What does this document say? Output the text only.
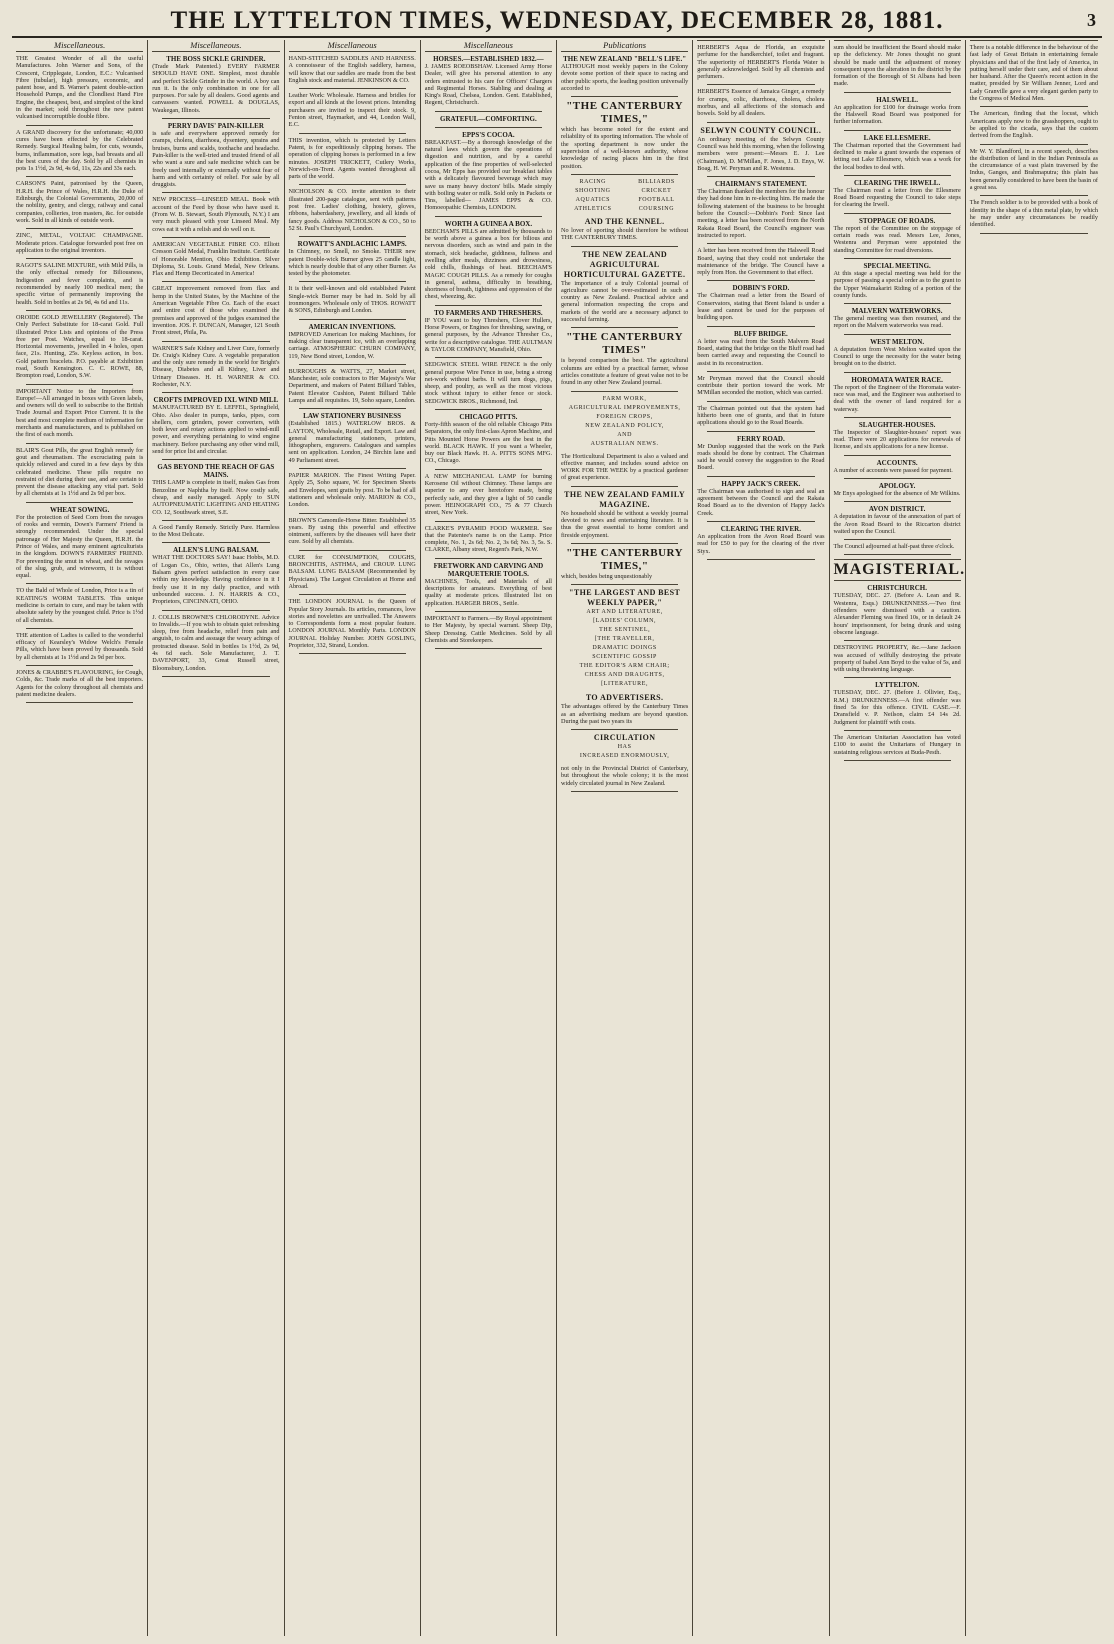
THE LYTTELTON TIMES, WEDNESDAY, DECEMBER 28, 1881.	3
Miscellaneous.
THE Greatest Wonder of all the useful Manufactures. John Warner and Sons, of the Crescent, Cripplegate, London, E.C.: Vulcanised Fibre (tubular), high pressure, economic, and patent hose, and B. Warner's patent double-action Household Pumps, and the Clondliest Hand Fire Engine, the cheapest, best, and simplest of the kind in the market; sold throughout the new patent vulcanised incorruptible double fibre.
A GRAND discovery for the unfortunate; 40,000 cures have been effected by the Celebrated Remedy. Surgical Healing balm, for cuts, wounds, burns, inflammation, sore legs, bad breasts and all the best cures of the day. Sold by all chemists in pots 1s 1½d, 2s 9d, 4s 6d, 11s, 22s and 33s each.
CARSON'S Paint, patronised by the Queen, H.R.H. the Prince of Wales, H.R.H. the Duke of Edinburgh, the Colonial Governments, 20,000 of the nobility, gentry, and clergy, railway and canal companies, collieries, iron masters, &c. for outside work. Sold in all kinds of outside work.
ZINC, METAL, VOLTAIC CHAMPAGNE. Moderate prices. Catalogue forwarded post free on application to the original inventors.
RAGOT'S SALINE MIXTURE, with Mild Pills, is the only effectual remedy for Biliousness, Indigestion and fever complaints, and is recommended by nearly 100 medical men; the specific virtue of permanently improving the health. Sold in bottles at 2s 9d, 4s 6d and 11s.
OROIDE GOLD JEWELLERY (Registered). The Only Perfect Substitute for 18-carat Gold. Full illustrated Price Lists and opinions of the Press free per Post. Watches, equal to 18-carat. Horizontal movements, jewelled in 4 holes, open face, 21s. Hunting, 25s. Keyless action, in box. Gold pattern bracelets. P.O. payable at Exhibition road, South Kensington. C. C. ROWE, 88, Brompton road, London, S.W.
IMPORTANT Notice to the Importers from Europe!—All arranged in boxes with Green labels, and owners will do well to subscribe to the British Trade Journal and Export Price Current. It is the best and most complete medium of information for merchants and manufacturers, and is published on the first of each month.
BLAIR'S Gout Pills, the great English remedy for gout and rheumatism. The excruciating pain is quickly relieved and cured in a few days by this celebrated medicine. These pills require no restraint of diet during their use, and are certain to prevent the disease attacking any vital part. Sold by all chemists at 1s 1½d and 2s 9d per box.
WHEAT SOWING.
For the protection of Seed Corn from the ravages of rooks and vermin, Down's Farmers' Friend is strongly recommended. Under the special patronage of Her Majesty the Queen, H.R.H. the Prince of Wales, and many eminent agriculturists in the kingdom. DOWN'S FARMERS' FRIEND. For preventing the smut in wheat, and the ravages of the slug, grub, and wireworm, it is without equal.
TO the Bald of Whole of London, Price is a tin of KEATING'S WORM TABLETS. This unique medicine is certain to cure, and may be taken with absolute safety by the youngest child. Price is 1½d of all chemists.
THE attention of Ladies is called to the wonderful efficacy of Kearsley's Widow Welch's Female Pills, which have been proved by thousands. Sold by all chemists at 1s 1½d and 2s 9d per box.
JONES & CRABBE'S FLAVOURING, for Cough, Colds, &c. Trade marks of all the best importers. Agents for the colony throughout all chemists and patent medicine dealers.
Miscellaneous.
THE BOSS SICKLE GRINDER.
(Trade Mark Patented.) EVERY FARMER SHOULD HAVE ONE. Simplest, most durable and perfect Sickle Grinder in the world. A boy can run it. Is the only combination in one for all purposes. For sale by all dealers. Good agents and canvassers wanted. POWELL & DOUGLAS, Waukegan, Illinois.
PERRY DAVIS' PAIN-KILLER
is safe and everywhere approved remedy for cramps, cholera, diarrhoea, dysentery, sprains and bruises, burns and scalds, toothache and headache. Pain-killer is the well-tried and trusted friend of all who want a sure and safe medicine which can be freely used internally or externally without fear of harm and with certainty of relief. For sale by all druggists.
NEW PROCESS—LINSEED MEAL. Book with account of the Feed by those who have used it. (From W. B. Stewart, South Plymouth, N.Y.) I am very much pleased with your Linseed Meal. My cows eat it with a relish and do well on it.
AMERICAN VEGETABLE FIBRE CO. Elliott Cresson Gold Medal, Franklin Institute. Certificate of Honorable Mention, Ohio Exhibition. Silver Diploma, St. Louis. Grand Medal, New Orleans. Flax and Hemp Decorticated in America!
GREAT improvement removed from flax and hemp in the United States, by the Machine of the American Vegetable Fibre Co. Each of the exact and entire cost of those who examined the premises and approved of the judges examined the invention. JOS. F. DUNCAN, Manager, 121 South Front street, Phila, Pa.
WARNER'S Safe Kidney and Liver Cure, formerly Dr. Craig's Kidney Cure. A vegetable preparation and the only sure remedy in the world for Bright's Disease, Diabetes and all Kidney, Liver and Urinary Diseases. H. H. WARNER & CO. Rochester, N.Y.
CROFTS IMPROVED IXL WIND MILL
MANUFACTURED BY E. LEFFEL, Springfield, Ohio. Also dealer in pumps, tanks, pipes, corn shellers, corn grinders, power converters, with both lever and rotary actions applied to wind-mill power, and everything pertaining to wind engine machinery. Before purchasing any other wind mill, send for price list and circular.
GAS BEYOND THE REACH OF GAS MAINS.
THIS LAMP is complete in itself, makes Gas from Benzoline or Naphtha by itself. Now costly safe, cheap, and easily managed. Apply to SUN AUTOPNEUMATIC LIGHTING AND HEATING CO. 12, Southwark street, S.E.
A Good Family Remedy. Strictly Pure. Harmless to the Most Delicate.
ALLEN'S LUNG BALSAM.
WHAT THE DOCTORS SAY! Isaac Hobbs, M.D. of Logan Co., Ohio, writes, that Allen's Lung Balsam gives perfect satisfaction in every case within my knowledge. Having confidence in it I freely use it in my daily practice, and with unbounded success. J. N. HARRIS & CO., Proprietors, CINCINNATI, OHIO.
J. COLLIS BROWNE'S CHLORODYNE. Advice to Invalids.—If you wish to obtain quiet refreshing sleep, free from headache, relief from pain and anguish, to calm and assuage the weary achings of protracted disease. Sold in bottles 1s 1½d, 2s 9d, 4s 6d each. Sole Manufacturer, J. T. DAVENPORT, 33, Great Russell street, Bloomsbury, London.
Miscellaneous
HAND-STITCHED SADDLES AND HARNESS. A connoisseur of the English saddlery, harness, will know that our saddles are made from the best English stock and material. JENKINSON & CO.
Leather Work: Wholesale. Harness and bridles for export and all kinds at the lowest prices. Intending purchasers are invited to inspect their stock. 9, Fenton street, Haymarket, and 44, London Wall, E.C.
THIS invention, which is protected by Letters Patent, is for expeditiously clipping horses. The operation of clipping horses is performed in a few minutes. JOSEPH TRICKETT, Cutlery Works, Norwich-on-Trent. Agents wanted throughout all parts of the world.
NICHOLSON & CO. invite attention to their illustrated 200-page catalogue, sent with patterns post free. Ladies' clothing, hosiery, gloves, ribbons, haberdashery, jewellery, and all kinds of fancy goods. Address NICHOLSON & CO., 50 to 52 St. Paul's Churchyard, London.
ROWATT'S ANDLACHIC LAMPS.
In Chimney, no Smell, no Smoke. THEIR new patent Double-wick Burner gives 25 candle light, which is nearly double that of any other Burner. As tested by the photometer.
It is their well-known and old established Patent Single-wick Burner may be had in. Sold by all ironmongers. Wholesale only of THOS. ROWATT & SONS, Edinburgh and London.
AMERICAN INVENTIONS.
IMPROVED American Ice making Machines, for making clear transparent ice, with an overlapping carriage. ATMOSPHERIC CHURN COMPANY, 119, New Bond street, London, W.
BURROUGHS & WATTS, 27, Market street, Manchester, sole contractors to Her Majesty's War Department, and makers of Patent Billiard Tables, Patent Elevator Cushion, Patent Billiard Table Lamps and all requisites. 19, Soho square, London.
LAW STATIONERY BUSINESS
(Established 1815.) WATERLOW BROS. & LAYTON, Wholesale, Retail, and Export. Law and general manufacturing stationers, printers, lithographers, engravers. Catalogues and samples sent on application. London, 24 Birchin lane and 49 Parliament street.
PAPIER MARION. The Finest Writing Paper. Apply 25, Soho square, W. for Specimen Sheets and Envelopes, sent gratis by post. To be had of all stationers and wholesale only. MARION & CO., London.
BROWN'S Camomile-Horse Bitter. Established 35 years. By using this powerful and effective ointment, sufferers by the diseases will have their cure. Sold by all chemists.
CURE for CONSUMPTION, COUGHS, BRONCHITIS, ASTHMA, and CROUP. LUNG BALSAM. LUNG BALSAM (Recommended by Physicians). The Largest Circulation at Home and Abroad.
THE LONDON JOURNAL is the Queen of Popular Story Journals. Its articles, romances, love stories and novelettes are unrivalled. The Answers to Correspondents form a most popular feature. LONDON JOURNAL Monthly Parts. LONDON JOURNAL Holiday Number. JOHN GOSLING, Proprietor, 332, Strand, London.
Miscellaneous
HORSES.—ESTABLISHED 1832.—
J. JAMES ROEOBSHAW. Licensed Army Horse Dealer, will give his personal attention to any orders entrusted to his care for Officers' Chargers and Regimental Horses. Stabling and dealing at King's Road, Chelsea, London. Gent. Established, Regent, Christchurch.
GRATEFUL—COMFORTING.
EPPS'S COCOA.
BREAKFAST.—By a thorough knowledge of the natural laws which govern the operations of digestion and nutrition, and by a careful application of the fine properties of well-selected cocoa, Mr Epps has provided our breakfast tables with a delicately flavoured beverage which may save us many heavy doctors' bills. Made simply with boiling water or milk. Sold only in Packets or Tins, labelled— JAMES EPPS & CO. Homoeopathic Chemists, LONDON.
WORTH A GUINEA A BOX.
BEECHAM'S PILLS are admitted by thousands to be worth above a guinea a box for bilious and nervous disorders, such as wind and pain in the stomach, sick headache, giddiness, fullness and swelling after meals, dizziness and drowsiness, cold chills, flushings of heat. BEECHAM'S MAGIC COUGH PILLS. As a remedy for coughs in general, asthma, difficulty in breathing, shortness of breath, tightness and oppression of the chest, wheezing, &c.
TO FARMERS AND THRESHERS.
IF YOU want to buy Threshers, Clover Hullers, Horse Powers, or Engines for threshing, sawing, or general purposes, by the Advance Thresher Co., write for a descriptive catalogue. THE AULTMAN & TAYLOR COMPANY, Mansfield, Ohio.
SEDGWICK STEEL WIRE FENCE is the only general purpose Wire Fence in use, being a strong net-work without barbs. It will turn dogs, pigs, sheep, and poultry, as well as the most vicious stock without injury to either fence or stock. SEDGWICK BROS., Richmond, Ind.
CHICAGO PITTS.
Forty-fifth season of the old reliable Chicago Pitts Separators, the only first-class Apron Machine, and Pitts Mounted Horse Powers are the best in the world. BLACK HAWK. If you want a Wheeler, buy our Black Hawk. H. A. PITTS SONS MFG. CO., Chicago.
A NEW MECHANICAL LAMP for burning Kerosene Oil without Chimney. These lamps are superior to any ever heretofore made, being perfectly safe, and they give a light of 50 candle power. HEINOGRAPH CO., 75 & 77 Church street, New York.
CLARKE'S PYRAMID FOOD WARMER. See that the Patentee's name is on the Lamp. Price complete, No. 1, 2s 6d; No. 2, 3s 6d; No. 3, 5s. S. CLARKE, Albany street, Regent's Park, N.W.
FRETWORK AND CARVING AND MARQUETERIE TOOLS.
MACHINES, Tools, and Materials of all descriptions for amateurs. Everything of best quality at moderate prices. Illustrated list on application. HARGER BROS., Settle.
IMPORTANT to Farmers.—By Royal appointment to Her Majesty, by special warrant. Sheep Dip, Sheep Dressing. Cattle Medicines. Sold by all Chemists and Storekeepers.
Publications
THE NEW ZEALAND "BELL'S LIFE."
ALTHOUGH most weekly papers in the Colony devote some portion of their space to racing and other public sports, the leading position universally accorded to
"THE CANTERBURY TIMES,"
which has become noted for the extent and reliability of its sporting information. The whole of the sporting department is now under the supervision of a well-known authority, whose knowledge of racing places him in the first position.
RACING
SHOOTING
AQUATICS
ATHLETICS
BILLIARDS
CRICKET
FOOTBALL
COURSING
AND THE KENNEL.
No lover of sporting should therefore be without THE CANTERBURY TIMES.
THE NEW ZEALAND AGRICULTURAL
HORTICULTURAL GAZETTE.
The importance of a truly Colonial journal of agriculture cannot be over-estimated in such a country as New Zealand. Practical advice and general information respecting the crops and markets of the world are a necessary adjunct to successful farming.
"THE CANTERBURY TIMES"
is beyond comparison the best. The agricultural columns are edited by a practical farmer, whose articles constitute a feature of great value not to be found in any other New Zealand journal.
FARM WORK,
AGRICULTURAL IMPROVEMENTS,
FOREIGN CROPS,
NEW ZEALAND POLICY,
AND
AUSTRALIAN NEWS.
The Horticultural Department is also a valued and effective manner, and includes sound advice on WORK FOR THE WEEK by a practical gardener of great experience.
THE NEW ZEALAND FAMILY
MAGAZINE.
No household should be without a weekly journal devoted to news and entertaining literature. It is thus the great essential to home comfort and fireside enjoyment.
"THE CANTERBURY TIMES,"
which, besides being unquestionably
"THE LARGEST AND BEST WEEKLY PAPER,"
ART AND LITERATURE,
[LADIES' COLUMN,
THE SENTINEL,
[THE TRAVELLER,
DRAMATIC DOINGS
SCIENTIFIC GOSSIP
THE EDITOR'S ARM CHAIR;
CHESS AND DRAUGHTS,
[LITERATURE,
TO ADVERTISERS.
The advantages offered by the Canterbury Times as an advertising medium are beyond question. During the past two years its
CIRCULATION
HAS
INCREASED ENORMOUSLY,
not only in the Provincial District of Canterbury, but throughout the whole colony; it is the most widely circulated journal in New Zealand.
HERBERT'S Aqua de Florida, an exquisite perfume for the handkerchief, toilet and fragrant. The superiority of HERBERT'S Florida Water is generally acknowledged. Sold by all chemists and perfumers.
HERBERT'S Essence of Jamaica Ginger, a remedy for cramps, colic, diarrhoea, cholera, cholera morbus, and all affections of the stomach and bowels. Sold by all dealers.
SELWYN COUNTY COUNCIL.
An ordinary meeting of the Selwyn County Council was held this morning, when the following members were present:—Messrs E. J. Lee (Chairman), D. M'Millan, F. Jones, J. D. Enys, W. Boag, H. W. Peryman and R. Westenra.
CHAIRMAN'S STATEMENT.
The Chairman thanked the members for the honour they had done him in re-electing him. He made the following statement of the business to be brought before the Council:—Dobbin's Ford: Since last meeting, a letter has been received from the North Rakaia Road Board, the Council's engineer was instructed to report.
A letter has been received from the Halswell Road Board, saying that they could not undertake the maintenance of the bridge. The Council have a reply from Hon. the Government to that effect.
DOBBIN'S FORD.
The Chairman read a letter from the Board of Conservators, stating that Brent Island is under a lease and cannot be used for the purposes of building upon.
BLUFF BRIDGE.
A letter was read from the South Malvern Road Board, stating that the bridge on the Bluff road had been carried away and requesting the Council to assist in its reconstruction.
Mr Peryman moved that the Council should contribute their portion toward the work. Mr M'Millan seconded the motion, which was carried.
The Chairman pointed out that the system had hitherto been one of grants, and that in future applications should go to the Road Boards.
FERRY ROAD.
Mr Dunlop suggested that the work on the Park roads should be done by contract. The Chairman said he would convey the suggestion to the Road Board.
HAPPY JACK'S CREEK.
The Chairman was authorised to sign and seal an agreement between the Council and the Rakaia Road Board as to the diversion of Happy Jack's Creek.
CLEARING THE RIVER.
An application from the Avon Road Board was read for £50 to pay for the clearing of the river Styx.
sum should be insufficient the Board should make up the deficiency. Mr Jones thought no grant should be made until the adjustment of money consequent upon the alteration in the district by the formation of the Borough of St Albans had been made.
HALSWELL.
An application for £100 for drainage works from the Halswell Road Board was postponed for further information.
LAKE ELLESMERE.
The Chairman reported that the Government had declined to make a grant towards the expenses of letting out Lake Ellesmere, which was a work for the local bodies to deal with.
CLEARING THE IRWELL.
The Chairman read a letter from the Ellesmere Road Board requesting the Council to take steps for clearing the Irwell.
STOPPAGE OF ROADS.
The report of the Committee on the stoppage of certain roads was read. Messrs Lee, Jones, Westenra and Peryman were appointed the standing Committee for road diversions.
SPECIAL MEETING.
At this stage a special meeting was held for the purpose of passing a special order as to the grant to the Upper Waimakariri Riding of a portion of the county funds.
MALVERN WATERWORKS.
The general meeting was then resumed, and the report on the Malvern waterworks was read.
WEST MELTON.
A deputation from West Melton waited upon the Council to urge the necessity for the water being brought on to the district.
HOROMATA WATER RACE.
The report of the Engineer of the Horomata water-race was read, and the Engineer was authorised to deal with the owner of land required for a waterway.
SLAUGHTER-HOUSES.
The Inspector of Slaughter-houses' report was read. There were 20 applications for renewals of license, and six applications for a new license.
ACCOUNTS.
A number of accounts were passed for payment.
APOLOGY.
Mr Enys apologised for the absence of Mr Wilkins.
AVON DISTRICT.
A deputation in favour of the annexation of part of the Avon Road Board to the Riccarton district waited upon the Council.
The Council adjourned at half-past three o'clock.
MAGISTERIAL.
CHRISTCHURCH.
TUESDAY, DEC. 27. (Before A. Lean and R. Westenra, Esqs.) DRUNKENNESS.—Two first offenders were dismissed with a caution. Alexander Fleming was fined 10s, or in default 24 hours' imprisonment, for being drunk and using obscene language.
DESTROYING PROPERTY, &c.—Jane Jackson was accused of wilfully destroying the private property of Isabel Ann Boyd to the value of 5s, and with using threatening language.
LYTTELTON.
TUESDAY, DEC. 27. (Before J. Ollivier, Esq., R.M.) DRUNKENNESS.—A first offender was fined 5s for this offence. CIVIL CASE.—F. Dransfield v. P. Neilson, claim £4 14s 2d. Judgment for plaintiff with costs.
The American Unitarian Association has voted £100 to assist the Unitarians of Hungary in sustaining religious services at Buda-Pesth.
There is a notable difference in the behaviour of the fast lady of Great Britain in entertaining female physicians and that of the first lady of America, in putting herself under their care, and of them about her husband. After the Queen's recent action in the matter, presided by Sir William Jenner, Lord and Lady Granville gave a very elegant garden party to the Congress of Medical Men.
The American, finding that the locust, which Americans apply now to the grasshoppers, ought to be applied to the cicada, says that the custom derived from the English.
Mr W. Y. Blandford, in a recent speech, describes the distribution of land in the Indian Peninsula as the circumstance of a vast plain traversed by the Indus, Ganges, and Brahmaputra; this plain has been generally considered to have been the basin of a great sea.
The French soldier is to be provided with a book of identity in the shape of a thin metal plate, by which he may under any circumstances be readily identified.
